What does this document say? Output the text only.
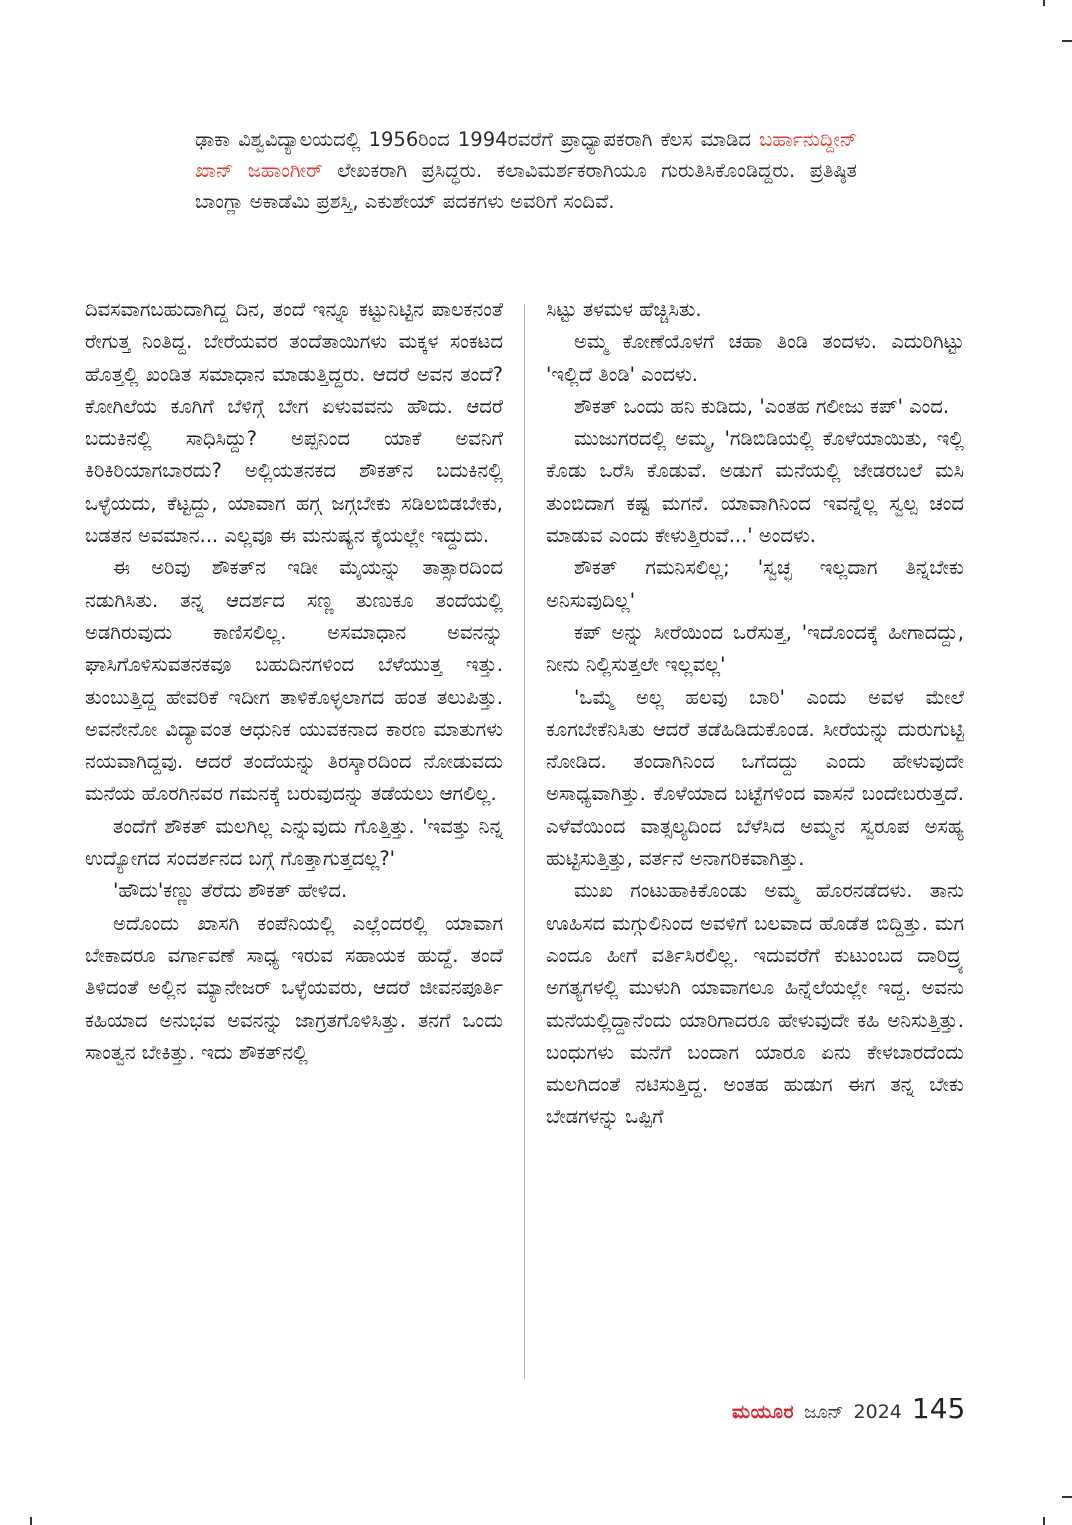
ಢಾಕಾ ವಿಶ್ವವಿದ್ಯಾಲಯದಲ್ಲಿ 1956ರಿಂದ 1994ರವರೆಗೆ ಪ್ರಾಧ್ಯಾಪಕರಾಗಿ ಕೆಲಸ ಮಾಡಿದ ಬರ್ಹಾನುದ್ದೀನ್ ಖಾನ್ ಜಹಾಂಗೀರ್ ಲೇಖಕರಾಗಿ ಪ್ರಸಿದ್ಧರು. ಕಲಾವಿಮರ್ಶಕರಾಗಿಯೂ ಗುರುತಿಸಿಕೊಂಡಿದ್ದರು. ಪ್ರತಿಷ್ಠಿತ ಬಾಂಗ್ಲಾ ಅಕಾಡೆಮಿ ಪ್ರಶಸ್ತಿ, ಎಕುಶೇಯ್ ಪದಕಗಳು ಅವರಿಗೆ ಸಂದಿವೆ.

ದಿವಸವಾಗಬಹುದಾಗಿದ್ದ ದಿನ, ತಂದೆ ಇನ್ನೂ ಕಟ್ಟುನಿಟ್ಟಿನ ಪಾಲಕನಂತೆ ರೇಗುತ್ತ ನಿಂತಿದ್ದ. ಬೇರೆಯವರ ತಂದೆತಾಯಿಗಳು ಮಕ್ಕಳ ಸಂಕಟದ ಹೊತ್ತಲ್ಲಿ ಖಂಡಿತ ಸಮಾಧಾನ ಮಾಡುತ್ತಿದ್ದರು. ಆದರೆ ಅವನ ತಂದೆ? ಕೋಗಿಲೆಯ ಕೂಗಿಗೆ ಬೆಳಿಗ್ಗೆ ಬೇಗ ಏಳುವವನು ಹೌದು. ಆದರೆ ಬದುಕಿನಲ್ಲಿ ಸಾಧಿಸಿದ್ದು? ಅಪ್ಪನಿಂದ ಯಾಕೆ ಅವನಿಗೆ ಕಿರಿಕಿರಿಯಾಗಬಾರದು? ಅಲ್ಲಿಯತನಕದ ಶೌಕತ್‌ನ ಬದುಕಿನಲ್ಲಿ ಒಳ್ಳೆಯದು, ಕೆಟ್ಟದ್ದು, ಯಾವಾಗ ಹಗ್ಗ ಜಗ್ಗಬೇಕು ಸಡಿಲಬಿಡಬೇಕು, ಬಡತನ ಅವಮಾನ... ಎಲ್ಲವೂ ಈ ಮನುಷ್ಯನ ಕೈಯಲ್ಲೇ ಇದ್ದುದು.

ಈ ಅರಿವು ಶೌಕತ್‌ನ ಇಡೀ ಮೈಯನ್ನು ತಾತ್ಸಾರದಿಂದ ನಡುಗಿಸಿತು. ತನ್ನ ಆದರ್ಶದ ಸಣ್ಣ ತುಣುಕೂ ತಂದೆಯಲ್ಲಿ ಅಡಗಿರುವುದು ಕಾಣಿಸಲಿಲ್ಲ. ಅಸಮಾಧಾನ ಅವನನ್ನು ಘಾಸಿಗೊಳಿಸುವತನಕವೂ ಬಹುದಿನಗಳಿಂದ ಬೆಳೆಯುತ್ತ ಇತ್ತು. ತುಂಬುತ್ತಿದ್ದ ಹೇವರಿಕೆ ಇದೀಗ ತಾಳಿಕೊಳ್ಳಲಾಗದ ಹಂತ ತಲುಪಿತ್ತು. ಅವನೇನೋ ವಿದ್ಯಾವಂತ ಆಧುನಿಕ ಯುವಕನಾದ ಕಾರಣ ಮಾತುಗಳು ನಯವಾಗಿದ್ದವು. ಆದರೆ ತಂದೆಯನ್ನು ತಿರಸ್ಕಾರದಿಂದ ನೋಡುವದು ಮನೆಯ ಹೊರಗಿನವರ ಗಮನಕ್ಕೆ ಬರುವುದನ್ನು ತಡೆಯಲು ಆಗಲಿಲ್ಲ.

ತಂದೆಗೆ ಶೌಕತ್ ಮಲಗಿಲ್ಲ ಎನ್ನುವುದು ಗೊತ್ತಿತ್ತು. 'ಇವತ್ತು ನಿನ್ನ ಉದ್ಯೋಗದ ಸಂದರ್ಶನದ ಬಗ್ಗೆ ಗೊತ್ತಾಗುತ್ತದಲ್ಲ?'

'ಹೌದು'ಕಣ್ಣು ತೆರೆದು ಶೌಕತ್ ಹೇಳಿದ.

ಅದೊಂದು ಖಾಸಗಿ ಕಂಪೆನಿಯಲ್ಲಿ ಎಲ್ಲೆಂದರಲ್ಲಿ ಯಾವಾಗ ಬೇಕಾದರೂ ವರ್ಗಾವಣೆ ಸಾಧ್ಯ ಇರುವ ಸಹಾಯಕ ಹುದ್ದೆ. ತಂದೆ ತಿಳಿದಂತೆ ಅಲ್ಲಿನ ಮ್ಯಾನೇಜರ್ ಒಳ್ಳೆಯವರು, ಆದರೆ ಜೀವನಪೂರ್ತಿ ಕಹಿಯಾದ ಅನುಭವ ಅವನನ್ನು ಜಾಗ್ರತಗೊಳಿಸಿತ್ತು. ತನಗೆ ಒಂದು ಸಾಂತ್ವನ ಬೇಕಿತ್ತು. ಇದು ಶೌಕತ್‌ನಲ್ಲಿ

ಸಿಟ್ಟು ತಳಮಳ ಹೆಚ್ಚಿಸಿತು.

ಅಮ್ಮ ಕೋಣೆಯೊಳಗೆ ಚಹಾ ತಿಂಡಿ ತಂದಳು. ಎದುರಿಗಿಟ್ಟು 'ಇಲ್ಲಿದೆ ತಿಂಡಿ' ಎಂದಳು.

ಶೌಕತ್ ಒಂದು ಹನಿ ಕುಡಿದು, 'ಎಂತಹ ಗಲೀಜು ಕಪ್' ಎಂದ.

ಮುಜುಗರದಲ್ಲಿ ಅಮ್ಮ, 'ಗಡಿಬಿಡಿಯಲ್ಲಿ ಕೊಳೆಯಾಯಿತು, ಇಲ್ಲಿ ಕೊಡು ಒರೆಸಿ ಕೊಡುವೆ. ಅಡುಗೆ ಮನೆಯಲ್ಲಿ ಜೇಡರಬಲೆ ಮಸಿ ತುಂಬಿದಾಗ ಕಷ್ಟ ಮಗನೆ. ಯಾವಾಗಿನಿಂದ ಇವನ್ನೆಲ್ಲ ಸ್ವಲ್ಪ ಚಂದ ಮಾಡುವ ಎಂದು ಕೇಳುತ್ತಿರುವೆ...' ಅಂದಳು.

ಶೌಕತ್ ಗಮನಿಸಲಿಲ್ಲ; 'ಸ್ವಚ್ಛ ಇಲ್ಲದಾಗ ತಿನ್ನಬೇಕು ಅನಿಸುವುದಿಲ್ಲ'

ಕಪ್ ಅನ್ನು ಸೀರೆಯಿಂದ ಒರೆಸುತ್ತ, 'ಇದೊಂದಕ್ಕೆ ಹೀಗಾದದ್ದು, ನೀನು ನಿಲ್ಲಿಸುತ್ತಲೇ ಇಲ್ಲವಲ್ಲ'

'ಒಮ್ಮೆ ಅಲ್ಲ ಹಲವು ಬಾರಿ' ಎಂದು ಅವಳ ಮೇಲೆ ಕೂಗಬೇಕೆನಿಸಿತು ಆದರೆ ತಡೆಹಿಡಿದುಕೊಂಡ. ಸೀರೆಯನ್ನು ದುರುಗುಟ್ಟಿ ನೋಡಿದ. ತಂದಾಗಿನಿಂದ ಒಗೆದದ್ದು ಎಂದು ಹೇಳುವುದೇ ಅಸಾಧ್ಯವಾಗಿತ್ತು. ಕೊಳೆಯಾದ ಬಟ್ಟೆಗಳಿಂದ ವಾಸನೆ ಬಂದೇಬರುತ್ತದೆ. ಎಳೆವೆಯಿಂದ ವಾತ್ಸಲ್ಯದಿಂದ ಬೆಳೆಸಿದ ಅಮ್ಮನ ಸ್ವರೂಪ ಅಸಹ್ಯ ಹುಟ್ಟಿಸುತ್ತಿತ್ತು, ವರ್ತನೆ ಅನಾಗರಿಕವಾಗಿತ್ತು.

ಮುಖ ಗಂಟುಹಾಕಿಕೊಂಡು ಅಮ್ಮ ಹೊರನಡೆದಳು. ತಾನು ಊಹಿಸದ ಮಗ್ಗುಲಿನಿಂದ ಅವಳಿಗೆ ಬಲವಾದ ಹೊಡೆತ ಬಿದ್ದಿತ್ತು. ಮಗ ಎಂದೂ ಹೀಗೆ ವರ್ತಿಸಿರಲಿಲ್ಲ. ಇದುವರೆಗೆ ಕುಟುಂಬದ ದಾರಿದ್ರ್ಯ ಅಗತ್ಯಗಳಲ್ಲಿ ಮುಳುಗಿ ಯಾವಾಗಲೂ ಹಿನ್ನೆಲೆಯಲ್ಲೇ ಇದ್ದ. ಅವನು ಮನೆಯಲ್ಲಿದ್ದಾನೆಂದು ಯಾರಿಗಾದರೂ ಹೇಳುವುದೇ ಕಹಿ ಅನಿಸುತ್ತಿತ್ತು. ಬಂಧುಗಳು ಮನೆಗೆ ಬಂದಾಗ ಯಾರೂ ಏನು ಕೇಳಬಾರದೆಂದು ಮಲಗಿದಂತೆ ನಟಿಸುತ್ತಿದ್ದ. ಅಂತಹ ಹುಡುಗ ಈಗ ತನ್ನ ಬೇಕು ಬೇಡಗಳನ್ನು ಒಪ್ಪಿಗೆ

ಮಯೂರ ಜೂನ್ 2024 145
